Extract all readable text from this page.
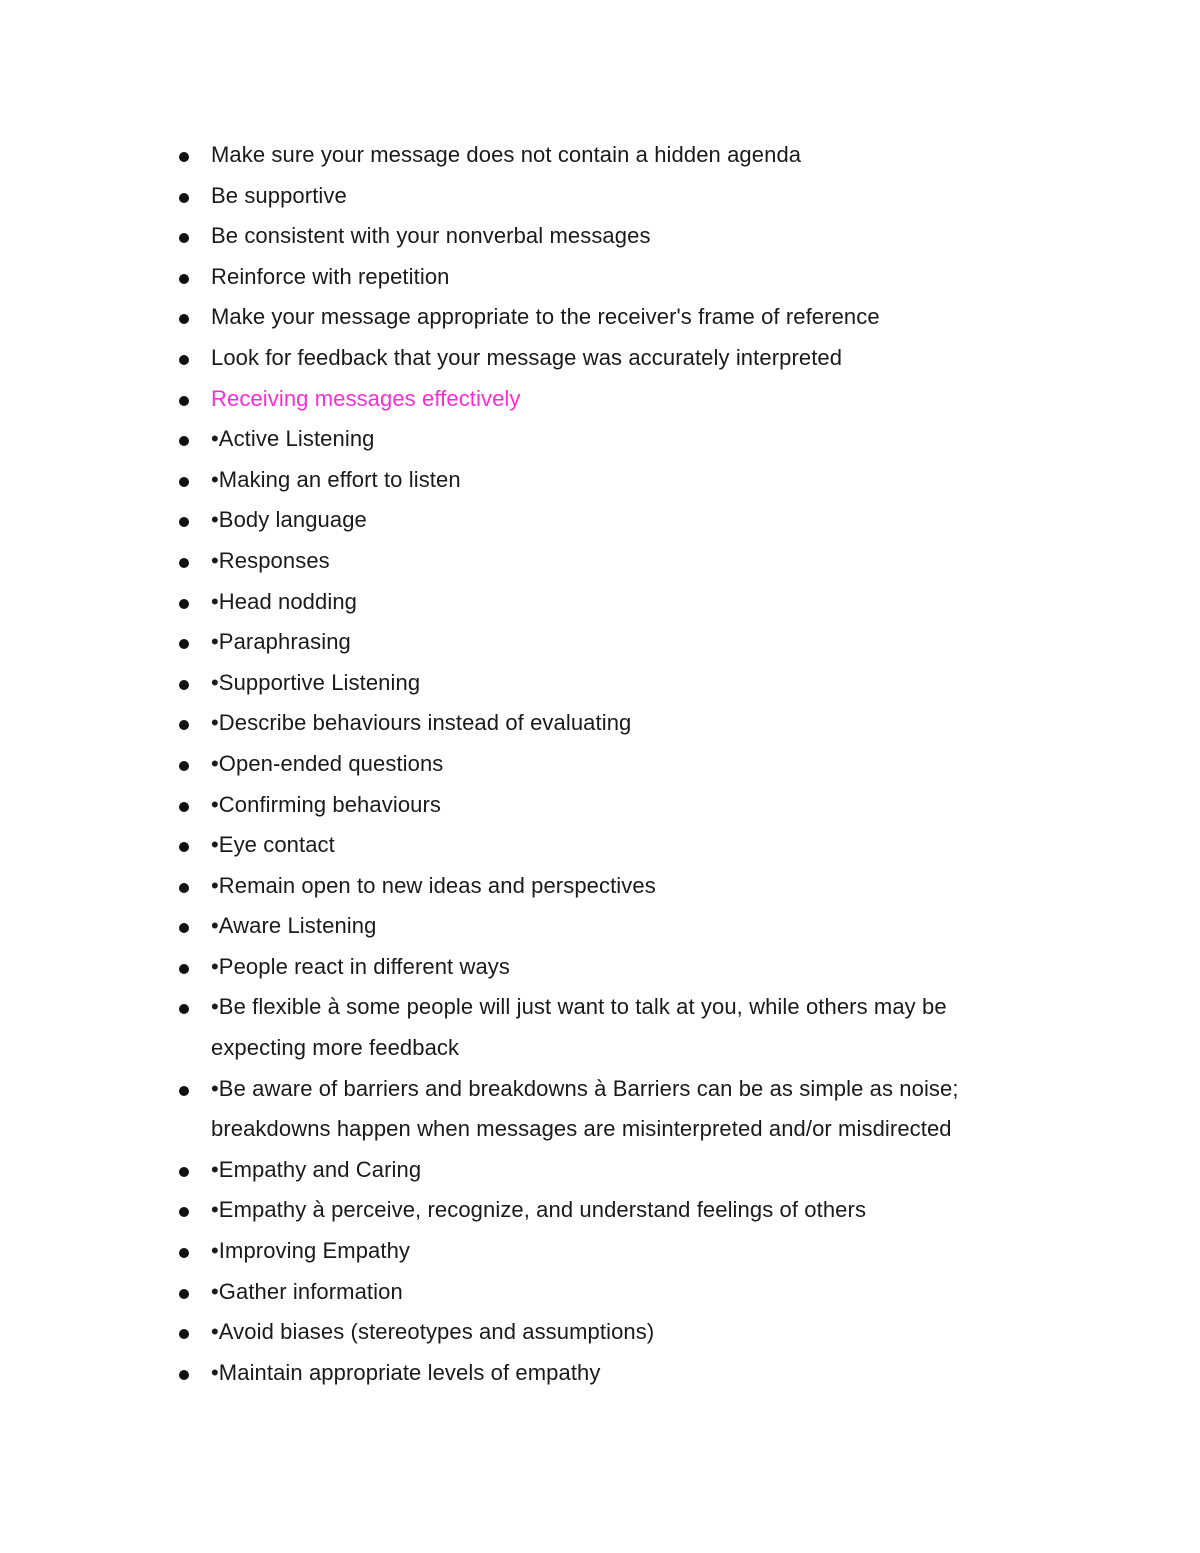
Make sure your message does not contain a hidden agenda
Be supportive
Be consistent with your nonverbal messages
Reinforce with repetition
Make your message appropriate to the receiver's frame of reference
Look for feedback that your message was accurately interpreted
Receiving messages effectively
•Active Listening
•Making an effort to listen
•Body language
•Responses
•Head nodding
•Paraphrasing
•Supportive Listening
•Describe behaviours instead of evaluating
•Open-ended questions
•Confirming behaviours
•Eye contact
•Remain open to new ideas and perspectives
•Aware Listening
•People react in different ways
•Be flexible à some people will just want to talk at you, while others may be expecting more feedback
•Be aware of barriers and breakdowns à Barriers can be as simple as noise; breakdowns happen when messages are misinterpreted and/or misdirected
•Empathy and Caring
•Empathy à perceive, recognize, and understand feelings of others
•Improving Empathy
•Gather information
•Avoid biases (stereotypes and assumptions)
•Maintain appropriate levels of empathy
